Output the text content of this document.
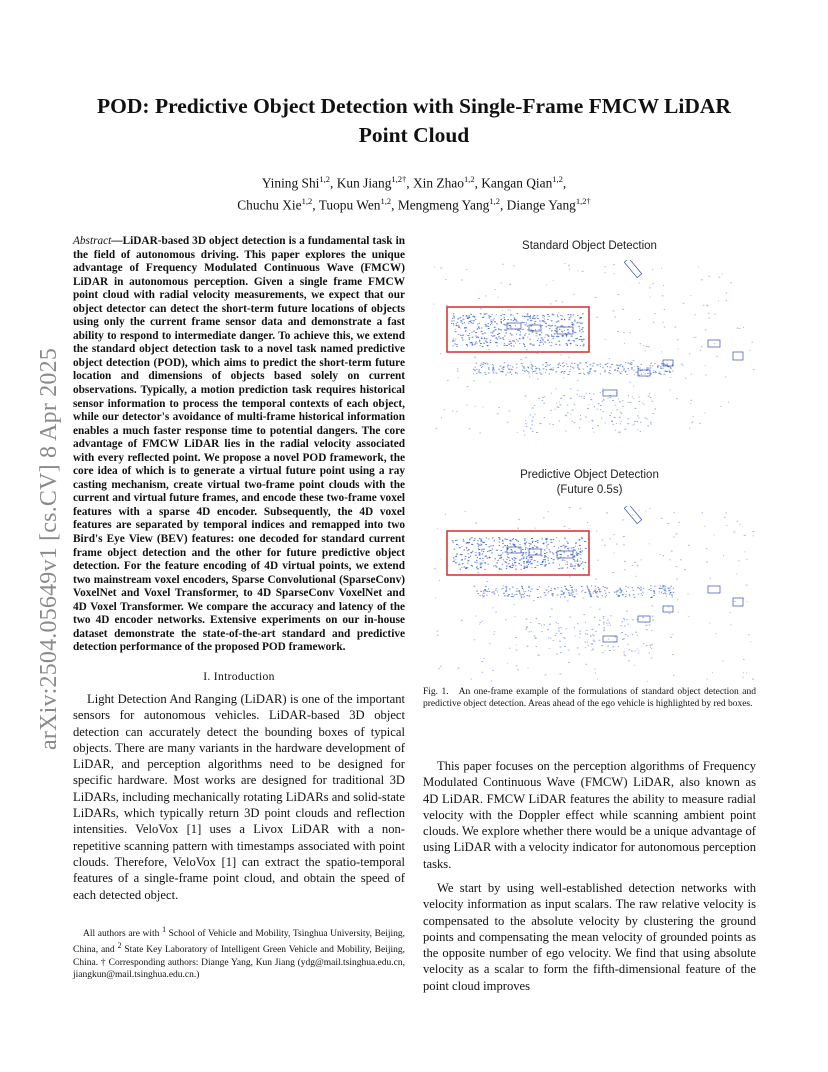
arXiv:2504.05649v1 [cs.CV] 8 Apr 2025
POD: Predictive Object Detection with Single-Frame FMCW LiDAR Point Cloud
Yining Shi$^{1,2}$, Kun Jiang$^{1,2\dagger}$, Xin Zhao$^{1,2}$, Kangan Qian$^{1,2}$,
Chuchu Xie$^{1,2}$, Tuopu Wen$^{1,2}$, Mengmeng Yang$^{1,2}$, Diange Yang$^{1,2\dagger}$

Abstract—LiDAR-based 3D object detection is a fundamental task in the field of autonomous driving. This paper explores the unique advantage of Frequency Modulated Continuous Wave (FMCW) LiDAR in autonomous perception. Given a single frame FMCW point cloud with radial velocity measurements, we expect that our object detector can detect the short-term future locations of objects using only the current frame sensor data and demonstrate a fast ability to respond to intermediate danger. To achieve this, we extend the standard object detection task to a novel task named predictive object detection (POD), which aims to predict the short-term future location and dimensions of objects based solely on current observations. Typically, a motion prediction task requires historical sensor information to process the temporal contexts of each object, while our detector's avoidance of multi-frame historical information enables a much faster response time to potential dangers. The core advantage of FMCW LiDAR lies in the radial velocity associated with every reflected point. We propose a novel POD framework, the core idea of which is to generate a virtual future point using a ray casting mechanism, create virtual two-frame point clouds with the current and virtual future frames, and encode these two-frame voxel features with a sparse 4D encoder. Subsequently, the 4D voxel features are separated by temporal indices and remapped into two Bird's Eye View (BEV) features: one decoded for standard current frame object detection and the other for future predictive object detection. For the feature encoding of 4D virtual points, we extend two mainstream voxel encoders, Sparse Convolutional (SparseConv) VoxelNet and Voxel Transformer, to 4D SparseConv VoxelNet and 4D Voxel Transformer. We compare the accuracy and latency of the two 4D encoder networks. Extensive experiments on our in-house dataset demonstrate the state-of-the-art standard and predictive detection performance of the proposed POD framework.

I. Introduction

Light Detection And Ranging (LiDAR) is one of the important sensors for autonomous vehicles. LiDAR-based 3D object detection can accurately detect the bounding boxes of typical objects. There are many variants in the hardware development of LiDAR, and perception algorithms need to be designed for specific hardware. Most works are designed for traditional 3D LiDARs, including mechanically rotating LiDARs and solid-state LiDARs, which typically return 3D point clouds and reflection intensities. VeloVox [1] uses a Livox LiDAR with a non-repetitive scanning pattern with timestamps associated with point clouds. Therefore, VeloVox [1] can extract the spatio-temporal features of a single-frame point cloud, and obtain the speed of each detected object.

All authors are with $^1$ School of Vehicle and Mobility, Tsinghua University, Beijing, China, and $^2$ State Key Laboratory of Intelligent Green Vehicle and Mobility, Beijing, China. † Corresponding authors: Diange Yang, Kun Jiang (ydg@mail.tsinghua.edu.cn, jiangkun@mail.tsinghua.edu.cn.)

Standard Object Detection
Predictive Object Detection
(Future 0.5s)

Fig. 1. An one-frame example of the formulations of standard object detection and predictive object detection. Areas ahead of the ego vehicle is highlighted by red boxes.

This paper focuses on the perception algorithms of Frequency Modulated Continuous Wave (FMCW) LiDAR, also known as 4D LiDAR. FMCW LiDAR features the ability to measure radial velocity with the Doppler effect while scanning ambient point clouds. We explore whether there would be a unique advantage of using LiDAR with a velocity indicator for autonomous perception tasks.

We start by using well-established detection networks with velocity information as input scalars. The raw relative velocity is compensated to the absolute velocity by clustering the ground points and compensating the mean velocity of grounded points as the opposite number of ego velocity. We find that using absolute velocity as a scalar to form the fifth-dimensional feature of the point cloud improves
